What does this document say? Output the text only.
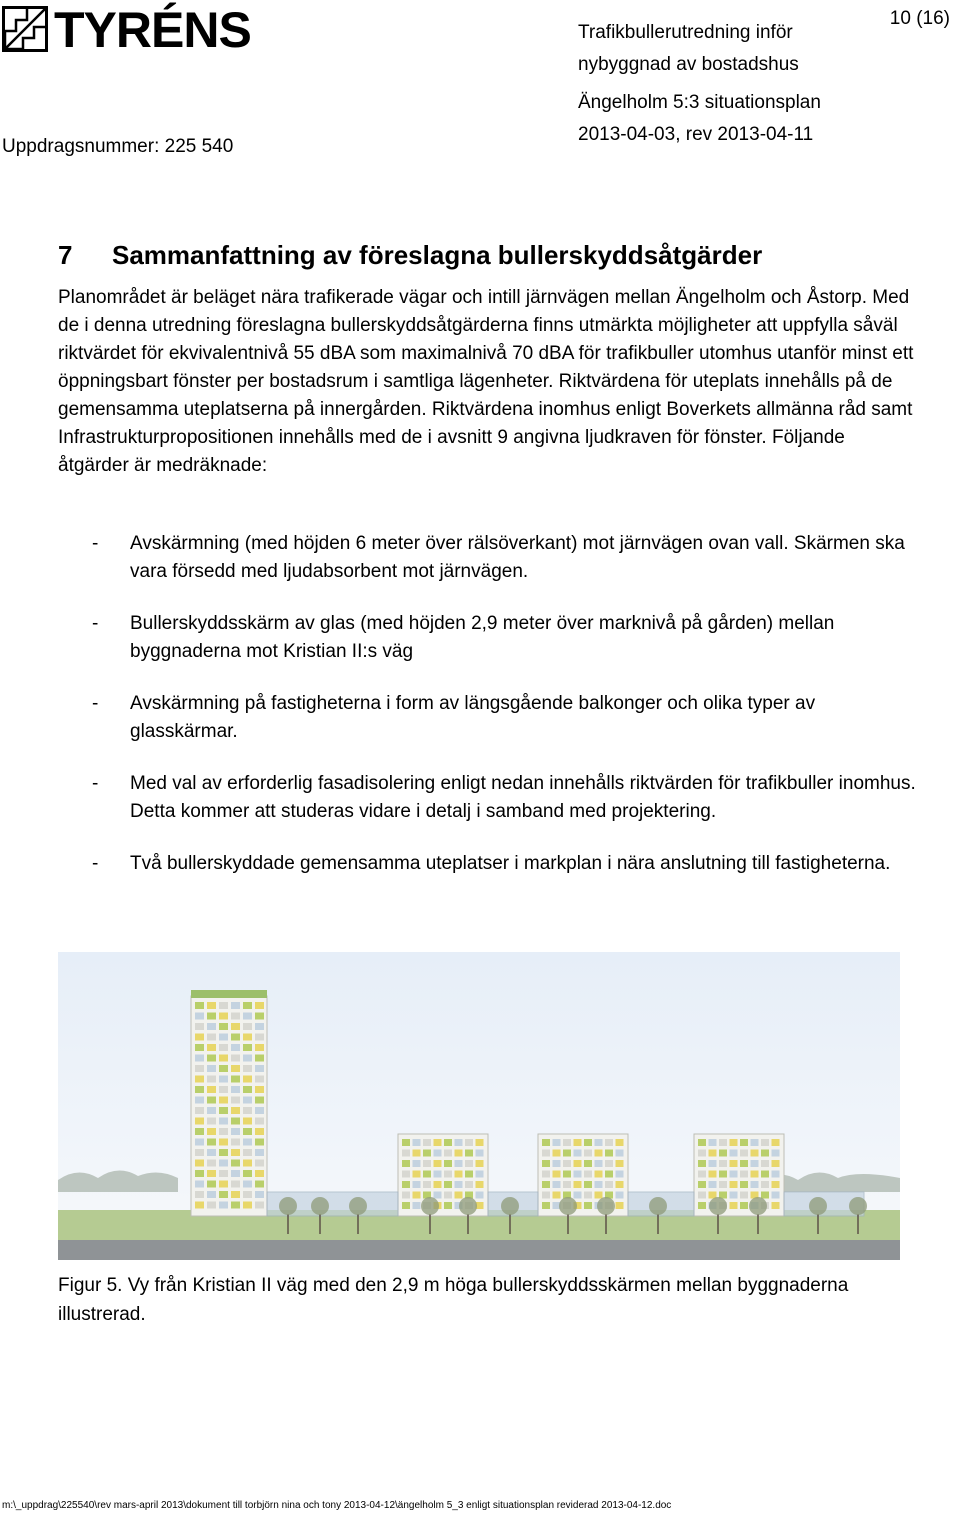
TYRÉNS	10 (16)
Trafikbullerutredning inför
nybyggnad av bostadshus
Ängelholm 5:3 situationsplan
2013-04-03, rev 2013-04-11
Uppdragsnummer: 225 540
7 Sammanfattning av föreslagna bullerskyddsåtgärder
Planområdet är beläget nära trafikerade vägar och intill järnvägen mellan Ängelholm och Åstorp. Med de i denna utredning föreslagna bullerskyddsåtgärderna finns utmärkta möjligheter att uppfylla såväl riktvärdet för ekvivalentnivå 55 dBA som maximalnivå 70 dBA för trafikbuller utomhus utanför minst ett öppningsbart fönster per bostadsrum i samtliga lägenheter. Riktvärdena för uteplats innehålls på de gemensamma uteplatserna på innergården. Riktvärdena inomhus enligt Boverkets allmänna råd samt Infrastrukturpropositionen innehålls med de i avsnitt 9 angivna ljudkraven för fönster. Följande åtgärder är medräknade:
- Avskärmning (med höjden 6 meter över rälsöverkant) mot järnvägen ovan vall. Skärmen ska vara försedd med ljudabsorbent mot järnvägen.
- Bullerskyddsskärm av glas (med höjden 2,9 meter över marknivå på gården) mellan byggnaderna mot Kristian II:s väg
- Avskärmning på fastigheterna i form av längsgående balkonger och olika typer av glasskärmar.
- Med val av erforderlig fasadisolering enligt nedan innehålls riktvärden för trafikbuller inomhus. Detta kommer att studeras vidare i detalj i samband med projektering.
- Två bullerskyddade gemensamma uteplatser i markplan i nära anslutning till fastigheterna.
Figur 5. Vy från Kristian II väg med den 2,9 m höga bullerskyddsskärmen mellan byggnaderna illustrerad.
m:\_uppdrag\225540\rev mars-april 2013\dokument till torbjörn nina och tony 2013-04-12\ängelholm 5_3 enligt situationsplan reviderad 2013-04-12.doc
